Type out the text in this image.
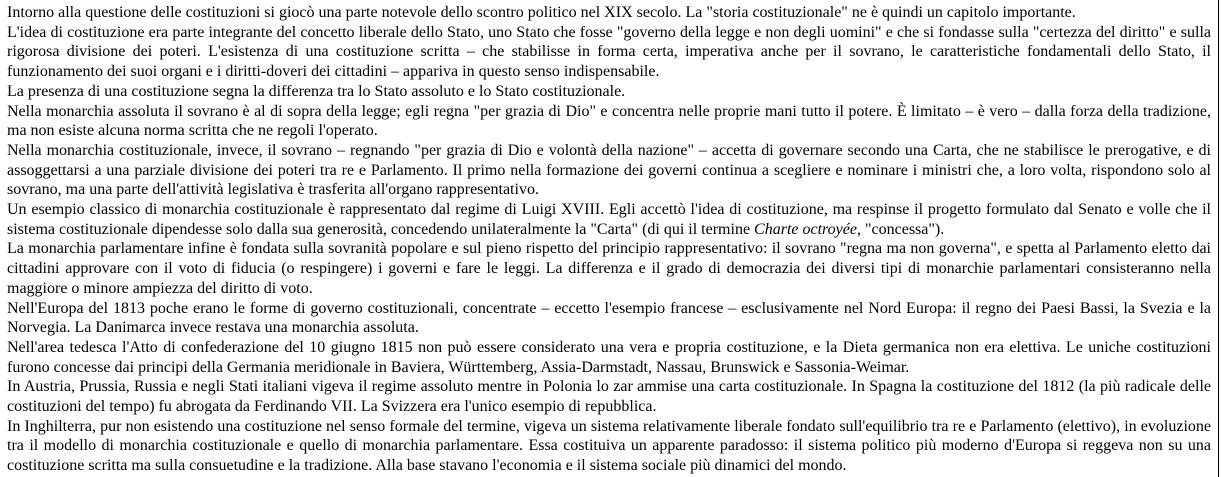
Intorno alla questione delle costituzioni si giocò una parte notevole dello scontro politico nel XIX secolo. La "storia costituzionale" ne è quindi un capitolo importante.

L'idea di costituzione era parte integrante del concetto liberale dello Stato, uno Stato che fosse "governo della legge e non degli uomini" e che si fondasse sulla "certezza del diritto" e sulla rigorosa divisione dei poteri. L'esistenza di una costituzione scritta – che stabilisse in forma certa, imperativa anche per il sovrano, le caratteristiche fondamentali dello Stato, il funzionamento dei suoi organi e i diritti-doveri dei cittadini – appariva in questo senso indispensabile.

La presenza di una costituzione segna la differenza tra lo Stato assoluto e lo Stato costituzionale.

Nella monarchia assoluta il sovrano è al di sopra della legge; egli regna "per grazia di Dio" e concentra nelle proprie mani tutto il potere. È limitato – è vero – dalla forza della tradizione, ma non esiste alcuna norma scritta che ne regoli l'operato.

Nella monarchia costituzionale, invece, il sovrano – regnando "per grazia di Dio e volontà della nazione" – accetta di governare secondo una Carta, che ne stabilisce le prerogative, e di assoggettarsi a una parziale divisione dei poteri tra re e Parlamento. Il primo nella formazione dei governi continua a scegliere e nominare i ministri che, a loro volta, rispondono solo al sovrano, ma una parte dell'attività legislativa è trasferita all'organo rappresentativo.

Un esempio classico di monarchia costituzionale è rappresentato dal regime di Luigi XVIII. Egli accettò l'idea di costituzione, ma respinse il progetto formulato dal Senato e volle che il sistema costituzionale dipendesse solo dalla sua generosità, concedendo unilateralmente la "Carta" (di qui il termine Charte octroyée, "concessa").

La monarchia parlamentare infine è fondata sulla sovranità popolare e sul pieno rispetto del principio rappresentativo: il sovrano "regna ma non governa", e spetta al Parlamento eletto dai cittadini approvare con il voto di fiducia (o respingere) i governi e fare le leggi. La differenza e il grado di democrazia dei diversi tipi di monarchie parlamentari consisteranno nella maggiore o minore ampiezza del diritto di voto.

Nell'Europa del 1813 poche erano le forme di governo costituzionali, concentrate – eccetto l'esempio francese – esclusivamente nel Nord Europa: il regno dei Paesi Bassi, la Svezia e la Norvegia. La Danimarca invece restava una monarchia assoluta.

Nell'area tedesca l'Atto di confederazione del 10 giugno 1815 non può essere considerato una vera e propria costituzione, e la Dieta germanica non era elettiva. Le uniche costituzioni furono concesse dai principi della Germania meridionale in Baviera, Württemberg, Assia-Darmstadt, Nassau, Brunswick e Sassonia-Weimar.

In Austria, Prussia, Russia e negli Stati italiani vigeva il regime assoluto mentre in Polonia lo zar ammise una carta costituzionale. In Spagna la costituzione del 1812 (la più radicale delle costituzioni del tempo) fu abrogata da Ferdinando VII. La Svizzera era l'unico esempio di repubblica.

In Inghilterra, pur non esistendo una costituzione nel senso formale del termine, vigeva un sistema relativamente liberale fondato sull'equilibrio tra re e Parlamento (elettivo), in evoluzione tra il modello di monarchia costituzionale e quello di monarchia parlamentare. Essa costituiva un apparente paradosso: il sistema politico più moderno d'Europa si reggeva non su una costituzione scritta ma sulla consuetudine e la tradizione. Alla base stavano l'economia e il sistema sociale più dinamici del mondo.
